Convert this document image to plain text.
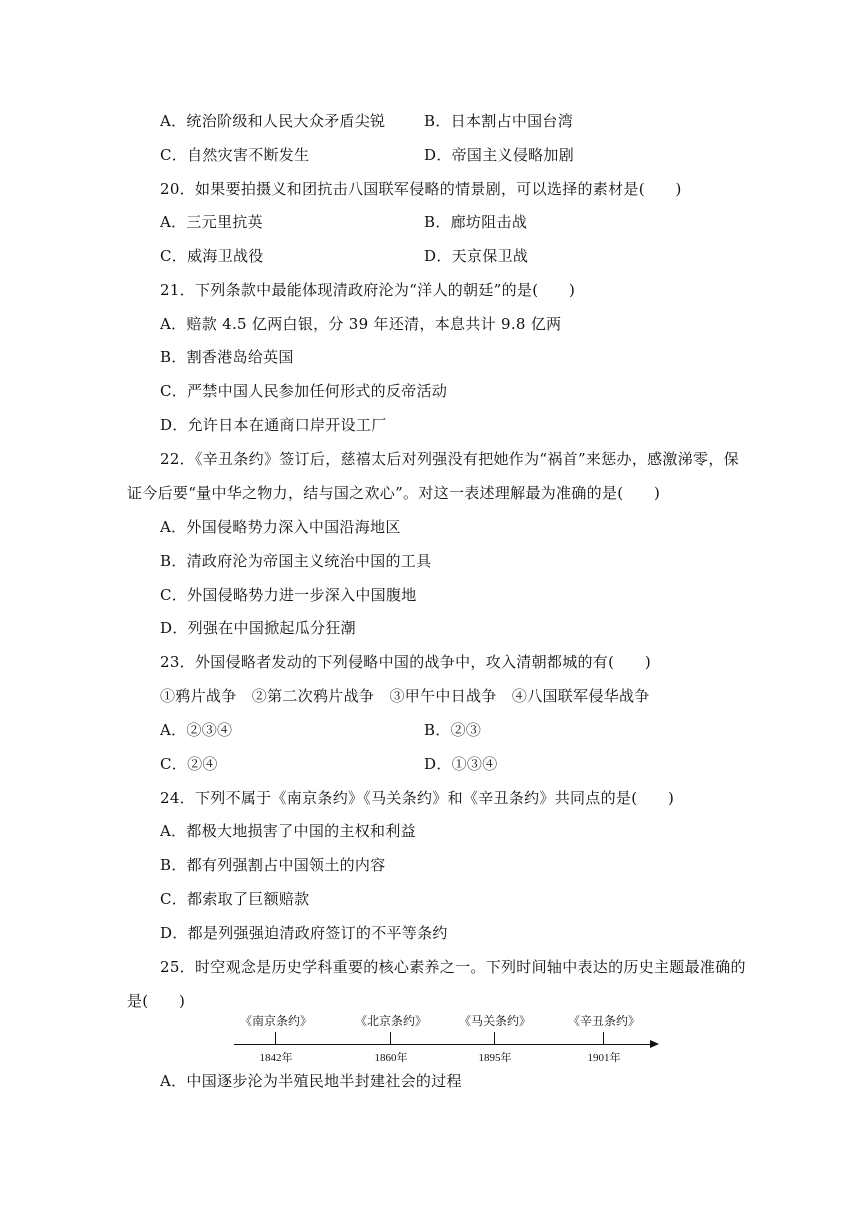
A．统治阶级和人民大众矛盾尖锐	B．日本割占中国台湾
C．自然灾害不断发生	D．帝国主义侵略加剧
20．如果要拍摄义和团抗击八国联军侵略的情景剧，可以选择的素材是(　　)
A．三元里抗英	B．廊坊阻击战
C．威海卫战役	D．天京保卫战
21．下列条款中最能体现清政府沦为“洋人的朝廷”的是(　　)
A．赔款 4.5 亿两白银，分 39 年还清，本息共计 9.8 亿两
B．割香港岛给英国
C．严禁中国人民参加任何形式的反帝活动
D．允许日本在通商口岸开设工厂
22．《辛丑条约》签订后，慈禧太后对列强没有把她作为“祸首”来惩办，感激涕零，保
证今后要“量中华之物力，结与国之欢心”。对这一表述理解最为准确的是(　　)
A．外国侵略势力深入中国沿海地区
B．清政府沦为帝国主义统治中国的工具
C．外国侵略势力进一步深入中国腹地
D．列强在中国掀起瓜分狂潮
23．外国侵略者发动的下列侵略中国的战争中，攻入清朝都城的有(　　)
①鸦片战争　②第二次鸦片战争　③甲午中日战争　④八国联军侵华战争
A．②③④	B．②③
C．②④	D．①③④
24．下列不属于《南京条约》《马关条约》和《辛丑条约》共同点的是(　　)
A．都极大地损害了中国的主权和利益
B．都有列强割占中国领土的内容
C．都索取了巨额赔款
D．都是列强强迫清政府签订的不平等条约
25．时空观念是历史学科重要的核心素养之一。下列时间轴中表达的历史主题最准确的
是(　　)
《南京条约》
1842年
《北京条约》
1860年
《马关条约》
1895年
《辛丑条约》
1901年
A．中国逐步沦为半殖民地半封建社会的过程
